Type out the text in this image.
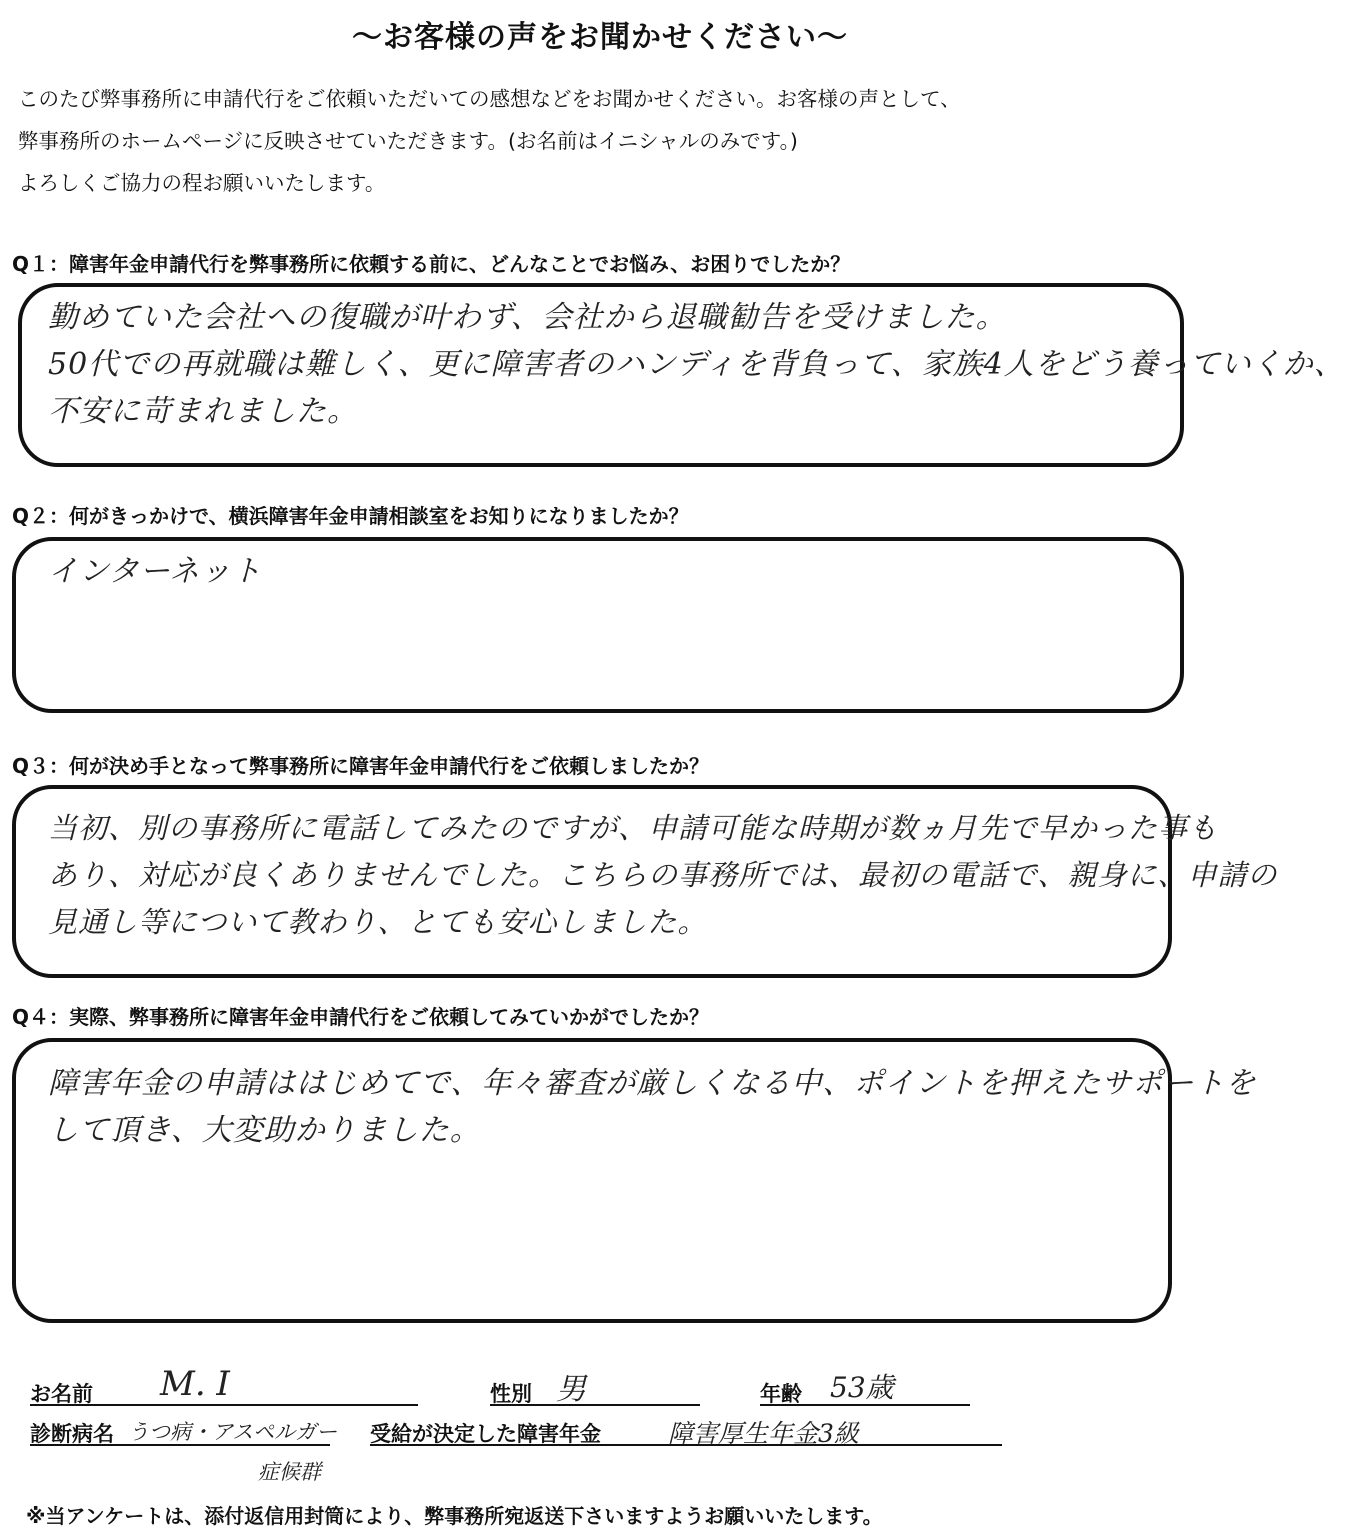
～お客様の声をお聞かせください～
このたび弊事務所に申請代行をご依頼いただいての感想などをお聞かせください。お客様の声として、
弊事務所のホームページに反映させていただきます。(お名前はイニシャルのみです。)
よろしくご協力の程お願いいたします。
Q１：障害年金申請代行を弊事務所に依頼する前に、どんなことでお悩み、お困りでしたか？
勤めていた会社への復職が叶わず、会社から退職勧告を受けました。
50代での再就職は難しく、更に障害者のハンディを背負って、家族4人をどう養っていくか、
不安に苛まれました。
Q２：何がきっかけで、横浜障害年金申請相談室をお知りになりましたか？
インターネット
Q３：何が決め手となって弊事務所に障害年金申請代行をご依頼しましたか？
当初、別の事務所に電話してみたのですが、申請可能な時期が数ヵ月先で早かった事も
あり、対応が良くありませんでした。こちらの事務所では、最初の電話で、親身に、申請の
見通し等について教わり、とても安心しました。
Q４：実際、弊事務所に障害年金申請代行をご依頼してみていかがでしたか？
障害年金の申請ははじめてで、年々審査が厳しくなる中、ポイントを押えたサポートを
して頂き、大変助かりました。
お名前 M. I	性別 男	年齢 53歳
診断病名 うつ病・アスペルガー
症候群
受給が決定した障害年金	障害厚生年金3級
※当アンケートは、添付返信用封筒により、弊事務所宛返送下さいますようお願いいたします。
